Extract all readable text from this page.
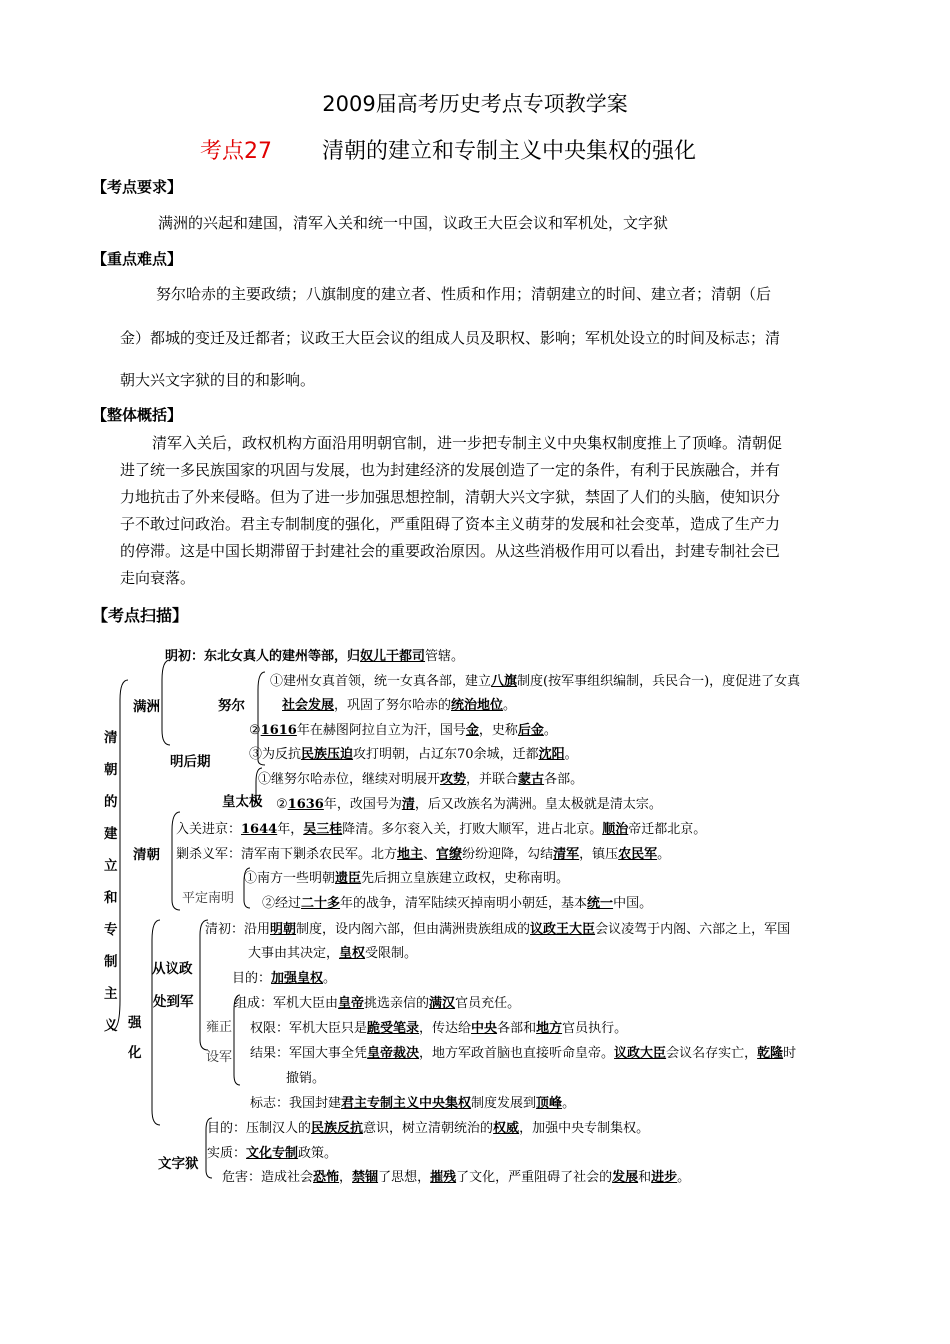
2009届高考历史考点专项教学案
考点27 清朝的建立和专制主义中央集权的强化
【考点要求】
满洲的兴起和建国，清军入关和统一中国，议政王大臣会议和军机处，文字狱
【重点难点】
努尔哈赤的主要政绩；八旗制度的建立者、性质和作用；清朝建立的时间、建立者；清朝（后
金）都城的变迁及迁都者；议政王大臣会议的组成人员及职权、影响；军机处设立的时间及标志；清
朝大兴文字狱的目的和影响。
【整体概括】
清军入关后，政权机构方面沿用明朝官制，进一步把专制主义中央集权制度推上了顶峰。清朝促
进了统一多民族国家的巩固与发展，也为封建经济的发展创造了一定的条件，有利于民族融合，并有
力地抗击了外来侵略。但为了进一步加强思想控制，清朝大兴文字狱，禁固了人们的头脑，使知识分
子不敢过问政治。君主专制制度的强化，严重阻碍了资本主义萌芽的发展和社会变革，造成了生产力
的停滞。这是中国长期滞留于封建社会的重要政治原因。从这些消极作用可以看出，封建专制社会已
走向衰落。
【考点扫描】
清朝的建立和专制主义 强化
明初：东北女真人的建州等部，归奴儿干都司管辖。
满洲	努尔
明后期
皇太极
①建州女真首领，统一女真各部，建立八旗制度(按军事组织编制，兵民合一)，度促进了女真
社会发展，巩固了努尔哈赤的统治地位。
②1616年在赫图阿拉自立为汗，国号金，史称后金。
③为反抗民族压迫攻打明朝，占辽东70余城，迁都沈阳。
①继努尔哈赤位，继续对明展开攻势，并联合蒙古各部。
②1636年，改国号为清，后又改族名为满洲。皇太极就是清太宗。
清朝
入关进京：1644年，吴三桂降清。多尔衮入关，打败大顺军，进占北京。顺治帝迁都北京。
剿杀义军：清军南下剿杀农民军。北方地主、官缭纷纷迎降，勾结清军，镇压农民军。
平定南明
①南方一些明朝遗臣先后拥立皇族建立政权，史称南明。
②经过二十多年的战争，清军陆续灭掉南明小朝廷，基本统一中国。
清初：沿用明朝制度，设内阁六部，但由满洲贵族组成的议政王大臣会议凌驾于内阁、六部之上，军国
大事由其决定，皇权受限制。
从议政
处到军
目的：加强皇权。
组成：军机大臣由皇帝挑选亲信的满汉官员充任。
雍正
设军
权限：军机大臣只是跪受笔录，传达给中央各部和地方官员执行。
结果：军国大事全凭皇帝裁决，地方军政首脑也直接听命皇帝。议政大臣会议名存实亡，乾隆时
撤销。
标志：我国封建君主专制主义中央集权制度发展到顶峰。
目的：压制汉人的民族反抗意识，树立清朝统治的权威，加强中央专制集权。
实质：文化专制政策。
文字狱
危害：造成社会恐怖，禁锢了思想，摧残了文化，严重阻碍了社会的发展和进步。
